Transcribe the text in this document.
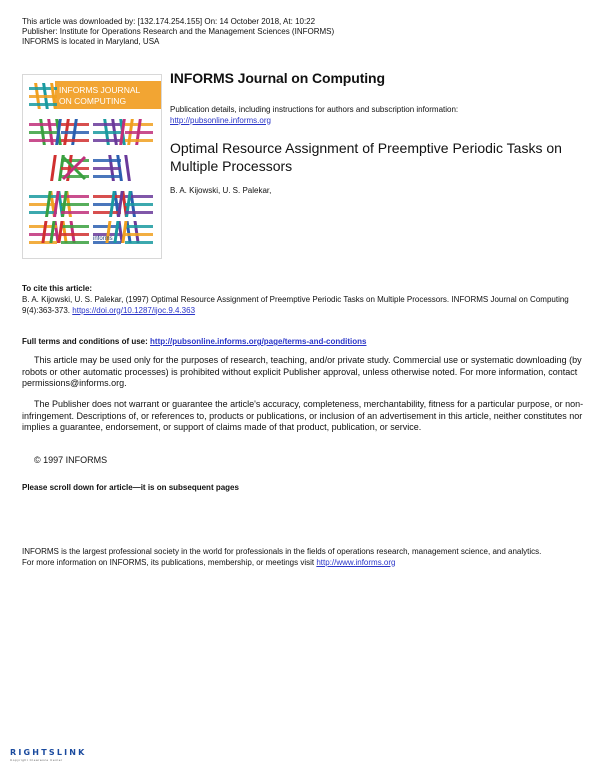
This article was downloaded by: [132.174.254.155] On: 14 October 2018, At: 10:22
Publisher: Institute for Operations Research and the Management Sciences (INFORMS)
INFORMS is located in Maryland, USA
INFORMS JOURNAL
ON COMPUTING
informs
INFORMS Journal on Computing
Publication details, including instructions for authors and subscription information:
http://pubsonline.informs.org
Optimal Resource Assignment of Preemptive Periodic Tasks on Multiple Processors
B. A. Kijowski, U. S. Palekar,
To cite this article:
B. A. Kijowski, U. S. Palekar, (1997) Optimal Resource Assignment of Preemptive Periodic Tasks on Multiple Processors. INFORMS Journal on Computing 9(4):363-373. https://doi.org/10.1287/ijoc.9.4.363
Full terms and conditions of use: http://pubsonline.informs.org/page/terms-and-conditions
This article may be used only for the purposes of research, teaching, and/or private study. Commercial use or systematic downloading (by robots or other automatic processes) is prohibited without explicit Publisher approval, unless otherwise noted. For more information, contact permissions@informs.org.
The Publisher does not warrant or guarantee the article's accuracy, completeness, merchantability, fitness for a particular purpose, or non-infringement. Descriptions of, or references to, products or publications, or inclusion of an advertisement in this article, neither constitutes nor implies a guarantee, endorsement, or support of claims made of that product, publication, or service.
© 1997 INFORMS
Please scroll down for article—it is on subsequent pages
INFORMS is the largest professional society in the world for professionals in the fields of operations research, management science, and analytics.
For more information on INFORMS, its publications, membership, or meetings visit http://www.informs.org
RIGHTSLINK
Copyright Clearance Center
